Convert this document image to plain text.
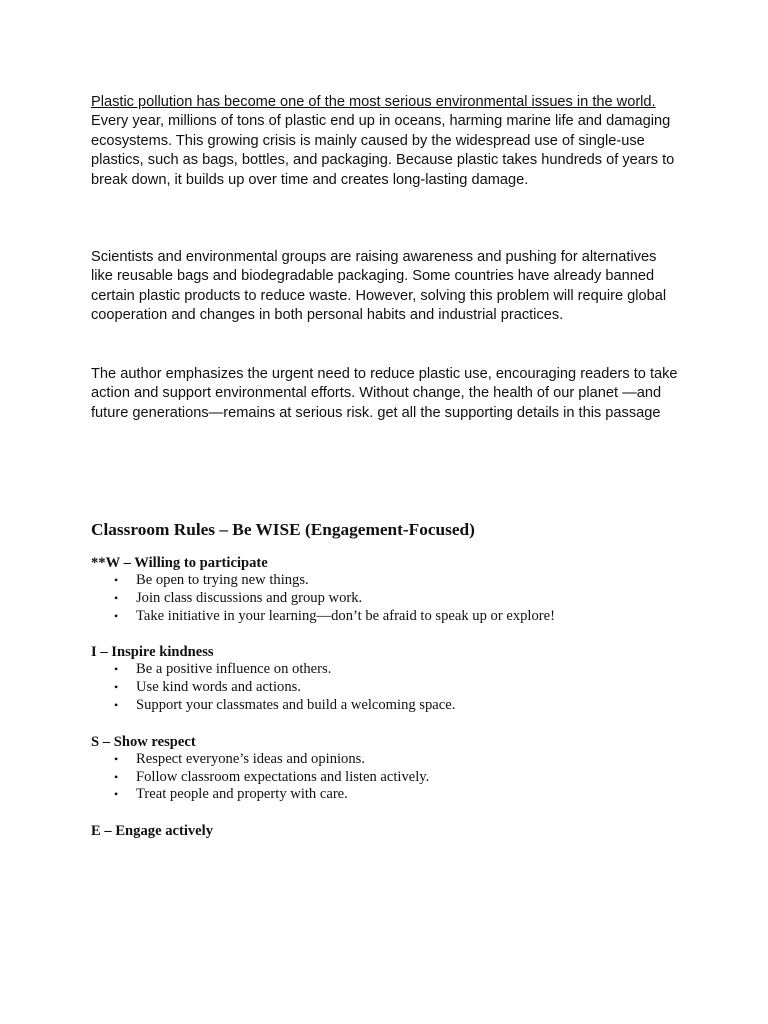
Plastic pollution has become one of the most serious environmental issues in the world. Every year, millions of tons of plastic end up in oceans, harming marine life and damaging ecosystems. This growing crisis is mainly caused by the widespread use of single-use plastics, such as bags, bottles, and packaging. Because plastic takes hundreds of years to break down, it builds up over time and creates long-lasting damage.

Scientists and environmental groups are raising awareness and pushing for alternatives like reusable bags and biodegradable packaging. Some countries have already banned certain plastic products to reduce waste. However, solving this problem will require global cooperation and changes in both personal habits and industrial practices.

The author emphasizes the urgent need to reduce plastic use, encouraging readers to take action and support environmental efforts. Without change, the health of our planet —and future generations—remains at serious risk. get all the supporting details in this passage

Classroom Rules – Be WISE (Engagement-Focused)
**W – Willing to participate
• Be open to trying new things.
• Join class discussions and group work.
• Take initiative in your learning—don’t be afraid to speak up or explore!
I – Inspire kindness
• Be a positive influence on others.
• Use kind words and actions.
• Support your classmates and build a welcoming space.
S – Show respect
• Respect everyone’s ideas and opinions.
• Follow classroom expectations and listen actively.
• Treat people and property with care.
E – Engage actively
